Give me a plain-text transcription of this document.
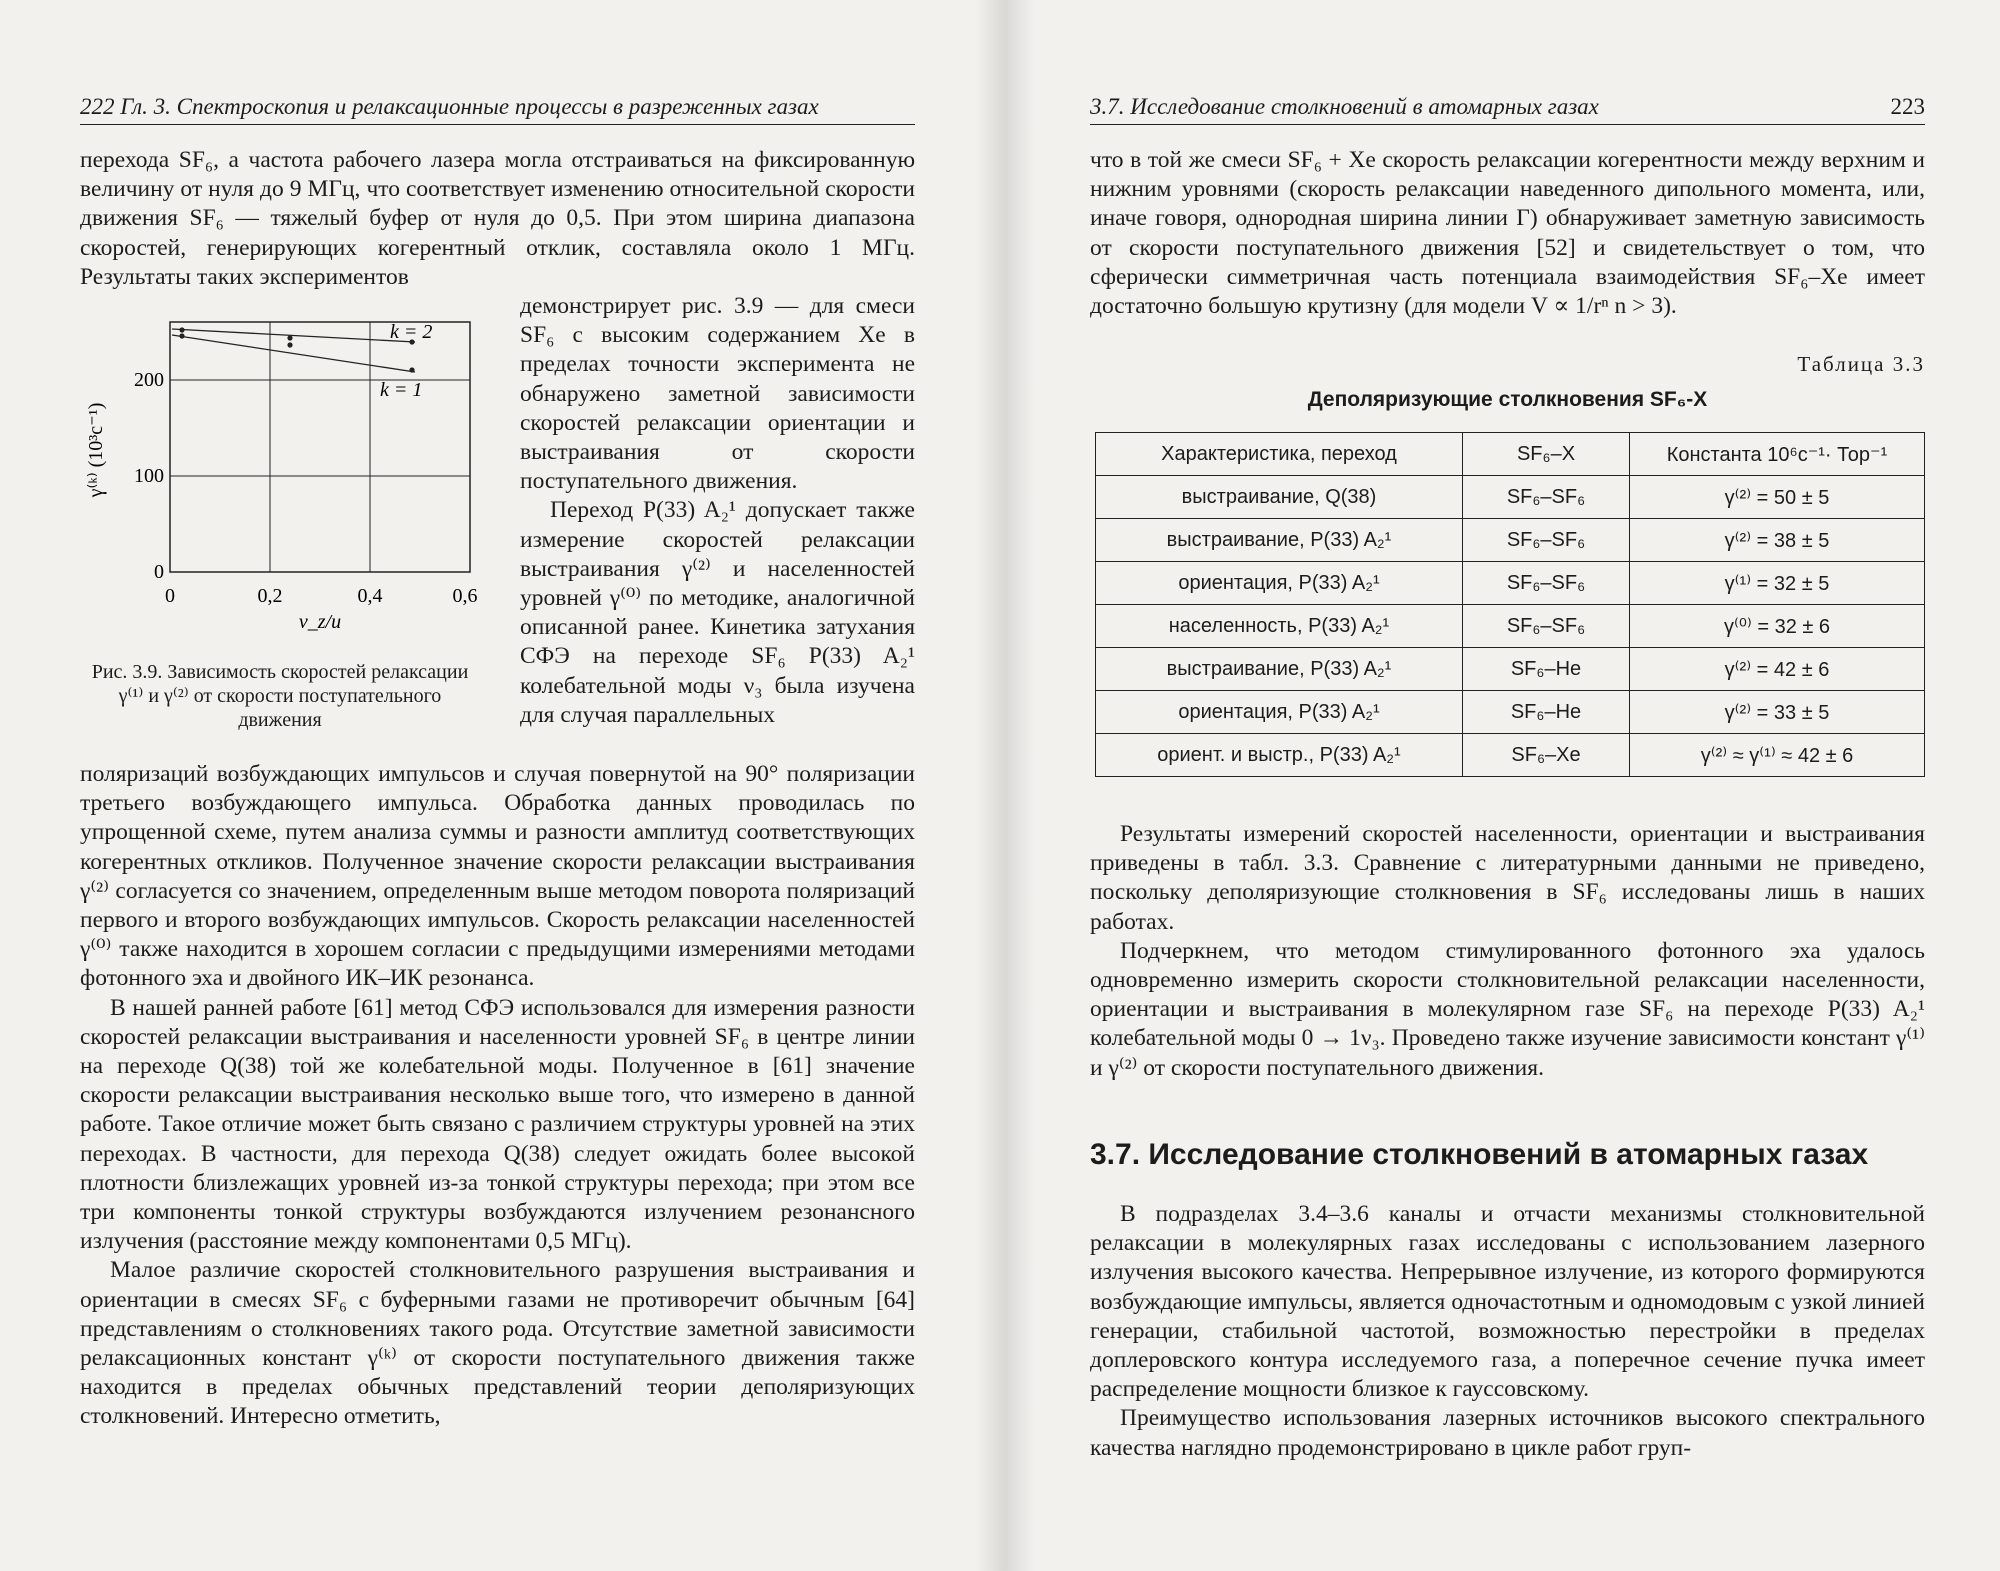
222 Гл. 3. Спектроскопия и релаксационные процессы в разреженных газах

перехода SF₆, а частота рабочего лазера могла отстраиваться на фиксированную величину от нуля до 9 МГц, что соответствует изменению относительной скорости движения SF₆ — тяжелый буфер от нуля до 0,5. При этом ширина диапазона скоростей, генерирующих когерентный отклик, составляла около 1 МГц. Результаты таких экспериментов

k = 2
k = 1
0
100
200
0	0,2	0,4	0,6
v_z/u
γ⁽ᵏ⁾ (10³c⁻¹)

Рис. 3.9. Зависимость скоростей релаксации γ⁽¹⁾ и γ⁽²⁾ от скорости поступательного движения

демонстрирует рис. 3.9 — для смеси SF₆ с высоким содержанием Xe в пределах точности эксперимента не обнаружено заметной зависимости скоростей релаксации ориентации и выстраивания от скорости поступательного движения.

Переход P(33) A₂¹ допускает также измерение скоростей релаксации выстраивания γ⁽²⁾ и населенностей уровней γ⁽⁰⁾ по методике, аналогичной описанной ранее. Кинетика затухания СФЭ на переходе SF₆ P(33) A₂¹ колебательной моды ν₃ была изучена для случая параллельных

поляризаций возбуждающих импульсов и случая повернутой на 90° поляризации третьего возбуждающего импульса. Обработка данных проводилась по упрощенной схеме, путем анализа суммы и разности амплитуд соответствующих когерентных откликов. Полученное значение скорости релаксации выстраивания γ⁽²⁾ согласуется со значением, определенным выше методом поворота поляризаций первого и второго возбуждающих импульсов. Скорость релаксации населенностей γ⁽⁰⁾ также находится в хорошем согласии с предыдущими измерениями методами фотонного эха и двойного ИК–ИК резонанса.

В нашей ранней работе [61] метод СФЭ использовался для измерения разности скоростей релаксации выстраивания и населенности уровней SF₆ в центре линии на переходе Q(38) той же колебательной моды. Полученное в [61] значение скорости релаксации выстраивания несколько выше того, что измерено в данной работе. Такое отличие может быть связано с различием структуры уровней на этих переходах. В частности, для перехода Q(38) следует ожидать более высокой плотности близлежащих уровней из-за тонкой структуры перехода; при этом все три компоненты тонкой структуры возбуждаются излучением резонансного излучения (расстояние между компонентами 0,5 МГц).

Малое различие скоростей столкновительного разрушения выстраивания и ориентации в смесях SF₆ с буферными газами не противоречит обычным [64] представлениям о столкновениях такого рода. Отсутствие заметной зависимости релаксационных констант γ⁽ᵏ⁾ от скорости поступательного движения также находится в пределах обычных представлений теории деполяризующих столкновений. Интересно отметить,

3.7. Исследование столкновений в атомарных газах	223

что в той же смеси SF₆ + Xe скорость релаксации когерентности между верхним и нижним уровнями (скорость релаксации наведенного дипольного момента, или, иначе говоря, однородная ширина линии Г) обнаруживает заметную зависимость от скорости поступательного движения [52] и свидетельствует о том, что сферически симметричная часть потенциала взаимодействия SF₆–Xe имеет достаточно большую крутизну (для модели V ∝ 1/rⁿ n > 3).

Таблица 3.3
Деполяризующие столкновения SF₆-X
Характеристика, переход	SF₆–X	Константа 10⁶c⁻¹· Тор⁻¹
выстраивание, Q(38)	SF₆–SF₆	γ⁽²⁾ = 50 ± 5
выстраивание, P(33) A₂¹	SF₆–SF₆	γ⁽²⁾ = 38 ± 5
ориентация, P(33) A₂¹	SF₆–SF₆	γ⁽¹⁾ = 32 ± 5
населенность, P(33) A₂¹	SF₆–SF₆	γ⁽⁰⁾ = 32 ± 6
выстраивание, P(33) A₂¹	SF₆–He	γ⁽²⁾ = 42 ± 6
ориентация, P(33) A₂¹	SF₆–He	γ⁽²⁾ = 33 ± 5
ориент. и выстр., P(33) A₂¹	SF₆–Xe	γ⁽²⁾ ≈ γ⁽¹⁾ ≈ 42 ± 6

Результаты измерений скоростей населенности, ориентации и выстраивания приведены в табл. 3.3. Сравнение с литературными данными не приведено, поскольку деполяризующие столкновения в SF₆ исследованы лишь в наших работах.

Подчеркнем, что методом стимулированного фотонного эха удалось одновременно измерить скорости столкновительной релаксации населенности, ориентации и выстраивания в молекулярном газе SF₆ на переходе P(33) A₂¹ колебательной моды 0 → 1ν₃. Проведено также изучение зависимости констант γ⁽¹⁾ и γ⁽²⁾ от скорости поступательного движения.

3.7. Исследование столкновений в атомарных газах

В подразделах 3.4–3.6 каналы и отчасти механизмы столкновительной релаксации в молекулярных газах исследованы с использованием лазерного излучения высокого качества. Непрерывное излучение, из которого формируются возбуждающие импульсы, является одночастотным и одномодовым с узкой линией генерации, стабильной частотой, возможностью перестройки в пределах доплеровского контура исследуемого газа, а поперечное сечение пучка имеет распределение мощности близкое к гауссовскому.

Преимущество использования лазерных источников высокого спектрального качества наглядно продемонстрировано в цикле работ груп-
